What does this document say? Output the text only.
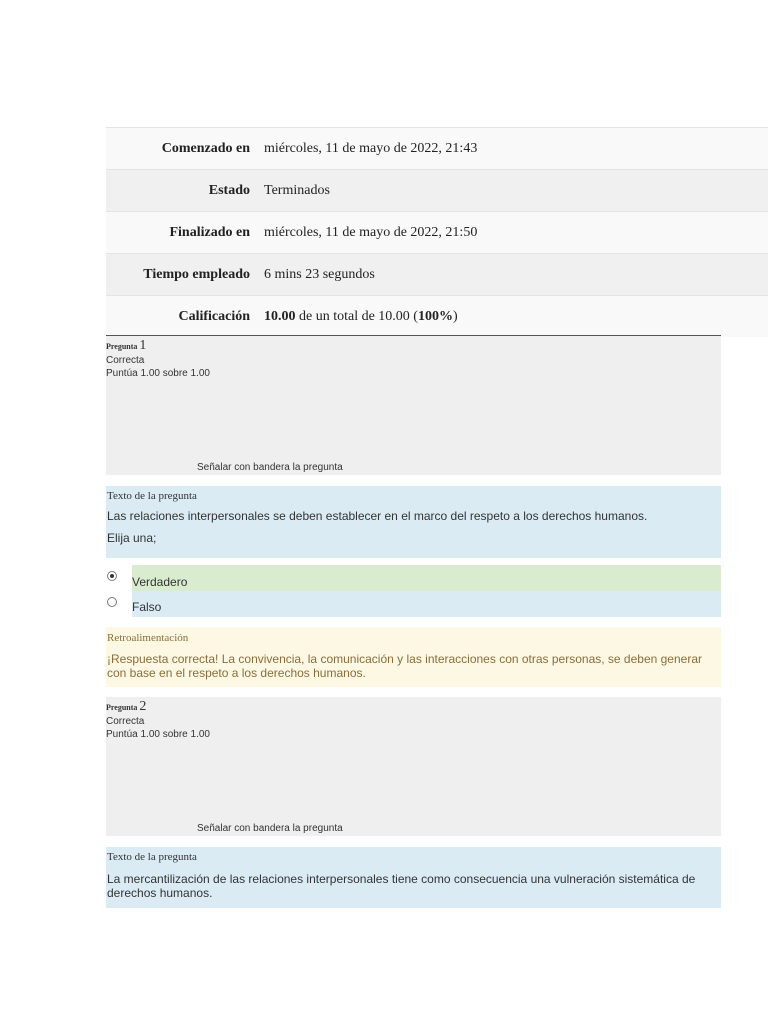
Comenzado en	miércoles, 11 de mayo de 2022, 21:43
Estado	Terminados
Finalizado en	miércoles, 11 de mayo de 2022, 21:50
Tiempo empleado	6 mins 23 segundos
Calificación	10.00 de un total de 10.00 (100%)
Pregunta 1
Correcta
Puntúa 1.00 sobre 1.00
Señalar con bandera la pregunta
Texto de la pregunta
Las relaciones interpersonales se deben establecer en el marco del respeto a los derechos humanos.
Elija una;
Verdadero
Falso
Retroalimentación
¡Respuesta correcta! La convivencia, la comunicación y las interacciones con otras personas, se deben generar con base en el respeto a los derechos humanos.
Pregunta 2
Correcta
Puntúa 1.00 sobre 1.00
Señalar con bandera la pregunta
Texto de la pregunta
La mercantilización de las relaciones interpersonales tiene como consecuencia una vulneración sistemática de derechos humanos.
